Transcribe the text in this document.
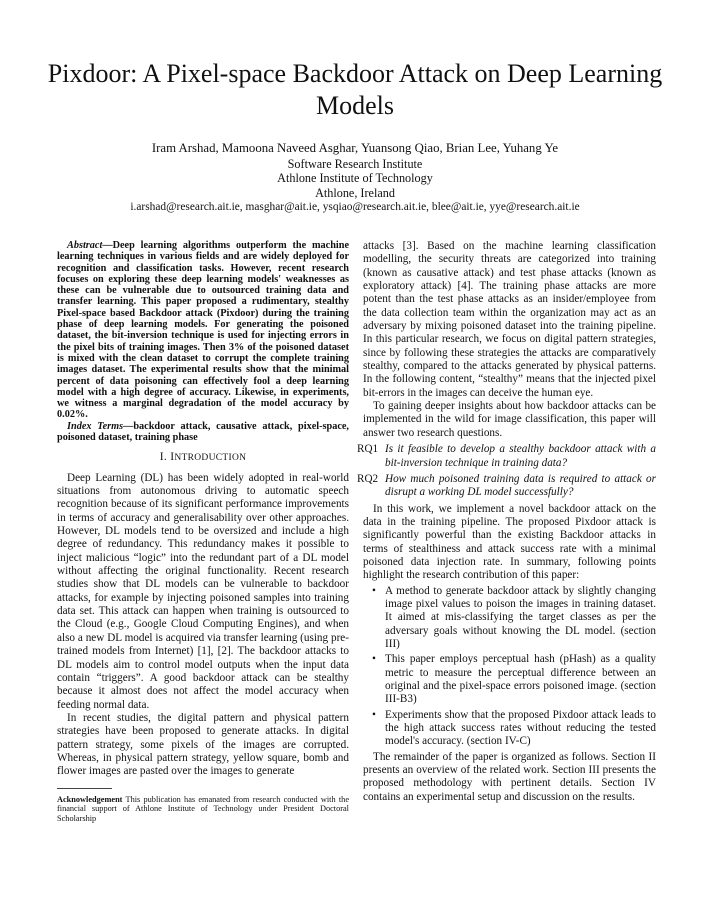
Pixdoor: A Pixel-space Backdoor Attack on Deep Learning Models
Iram Arshad, Mamoona Naveed Asghar, Yuansong Qiao, Brian Lee, Yuhang Ye
Software Research Institute
Athlone Institute of Technology
Athlone, Ireland
i.arshad@research.ait.ie, masghar@ait.ie, ysqiao@research.ait.ie, blee@ait.ie, yye@research.ait.ie

Abstract—Deep learning algorithms outperform the machine learning techniques in various fields and are widely deployed for recognition and classification tasks. However, recent research focuses on exploring these deep learning models' weaknesses as these can be vulnerable due to outsourced training data and transfer learning. This paper proposed a rudimentary, stealthy Pixel-space based Backdoor attack (Pixdoor) during the training phase of deep learning models. For generating the poisoned dataset, the bit-inversion technique is used for injecting errors in the pixel bits of training images. Then 3% of the poisoned dataset is mixed with the clean dataset to corrupt the complete training images dataset. The experimental results show that the minimal percent of data poisoning can effectively fool a deep learning model with a high degree of accuracy. Likewise, in experiments, we witness a marginal degradation of the model accuracy by 0.02%.

Index Terms—backdoor attack, causative attack, pixel-space, poisoned dataset, training phase

I. INTRODUCTION

Deep Learning (DL) has been widely adopted in real-world situations from autonomous driving to automatic speech recognition because of its significant performance improvements in terms of accuracy and generalisability over other approaches. However, DL models tend to be oversized and include a high degree of redundancy. This redundancy makes it possible to inject malicious “logic” into the redundant part of a DL model without affecting the original functionality. Recent research studies show that DL models can be vulnerable to backdoor attacks, for example by injecting poisoned samples into training data set. This attack can happen when training is outsourced to the Cloud (e.g., Google Cloud Computing Engines), and when also a new DL model is acquired via transfer learning (using pre-trained models from Internet) [1], [2]. The backdoor attacks to DL models aim to control model outputs when the input data contain “triggers”. A good backdoor attack can be stealthy because it almost does not affect the model accuracy when feeding normal data.

In recent studies, the digital pattern and physical pattern strategies have been proposed to generate attacks. In digital pattern strategy, some pixels of the images are corrupted. Whereas, in physical pattern strategy, yellow square, bomb and flower images are pasted over the images to generate

Acknowledgement This publication has emanated from research conducted with the financial support of Athlone Institute of Technology under President Doctoral Scholarship

attacks [3]. Based on the machine learning classification modelling, the security threats are categorized into training (known as causative attack) and test phase attacks (known as exploratory attack) [4]. The training phase attacks are more potent than the test phase attacks as an insider/employee from the data collection team within the organization may act as an adversary by mixing poisoned dataset into the training pipeline. In this particular research, we focus on digital pattern strategies, since by following these strategies the attacks are comparatively stealthy, compared to the attacks generated by physical patterns. In the following content, “stealthy” means that the injected pixel bit-errors in the images can deceive the human eye.

To gaining deeper insights about how backdoor attacks can be implemented in the wild for image classification, this paper will answer two research questions.

RQ1 Is it feasible to develop a stealthy backdoor attack with a bit-inversion technique in training data?
RQ2 How much poisoned training data is required to attack or disrupt a working DL model successfully?

In this work, we implement a novel backdoor attack on the data in the training pipeline. The proposed Pixdoor attack is significantly powerful than the existing Backdoor attacks in terms of stealthiness and attack success rate with a minimal poisoned data injection rate. In summary, following points highlight the research contribution of this paper:

• A method to generate backdoor attack by slightly changing image pixel values to poison the images in training dataset. It aimed at mis-classifying the target classes as per the adversary goals without knowing the DL model. (section III)
• This paper employs perceptual hash (pHash) as a quality metric to measure the perceptual difference between an original and the pixel-space errors poisoned image. (section III-B3)
• Experiments show that the proposed Pixdoor attack leads to the high attack success rates without reducing the tested model's accuracy. (section IV-C)

The remainder of the paper is organized as follows. Section II presents an overview of the related work. Section III presents the proposed methodology with pertinent details. Section IV contains an experimental setup and discussion on the results.
